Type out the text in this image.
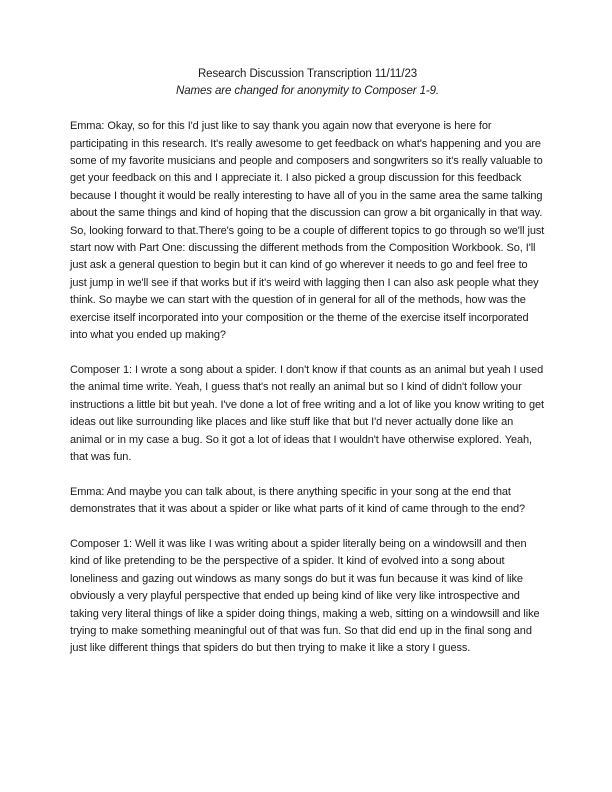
Research Discussion Transcription 11/11/23

Names are changed for anonymity to Composer 1-9.

Emma: Okay, so for this I'd just like to say thank you again now that everyone is here for participating in this research. It's really awesome to get feedback on what's happening and you are some of my favorite musicians and people and composers and songwriters so it's really valuable to get your feedback on this and I appreciate it. I also picked a group discussion for this feedback because I thought it would be really interesting to have all of you in the same area the same talking about the same things and kind of hoping that the discussion can grow a bit organically in that way. So, looking forward to that.There's going to be a couple of different topics to go through so we'll just start now with Part One: discussing the different methods from the Composition Workbook. So, I'll just ask a general question to begin but it can kind of go wherever it needs to go and feel free to just jump in we'll see if that works but if it's weird with lagging then I can also ask people what they think. So maybe we can start with the question of in general for all of the methods, how was the exercise itself incorporated into your composition or the theme of the exercise itself incorporated into what you ended up making?

Composer 1: I wrote a song about a spider. I don't know if that counts as an animal but yeah I used the animal time write. Yeah, I guess that's not really an animal but so I kind of didn't follow your instructions a little bit but yeah. I've done a lot of free writing and a lot of like you know writing to get ideas out like surrounding like places and like stuff like that but I'd never actually done like an animal or in my case a bug. So it got a lot of ideas that I wouldn't have otherwise explored. Yeah, that was fun.

Emma: And maybe you can talk about, is there anything specific in your song at the end that demonstrates that it was about a spider or like what parts of it kind of came through to the end?

Composer 1: Well it was like I was writing about a spider literally being on a windowsill and then kind of like pretending to be the perspective of a spider. It kind of evolved into a song about loneliness and gazing out windows as many songs do but it was fun because it was kind of like obviously a very playful perspective that ended up being kind of like very like introspective and taking very literal things of like a spider doing things, making a web, sitting on a windowsill and like trying to make something meaningful out of that was fun. So that did end up in the final song and just like different things that spiders do but then trying to make it like a story I guess.
